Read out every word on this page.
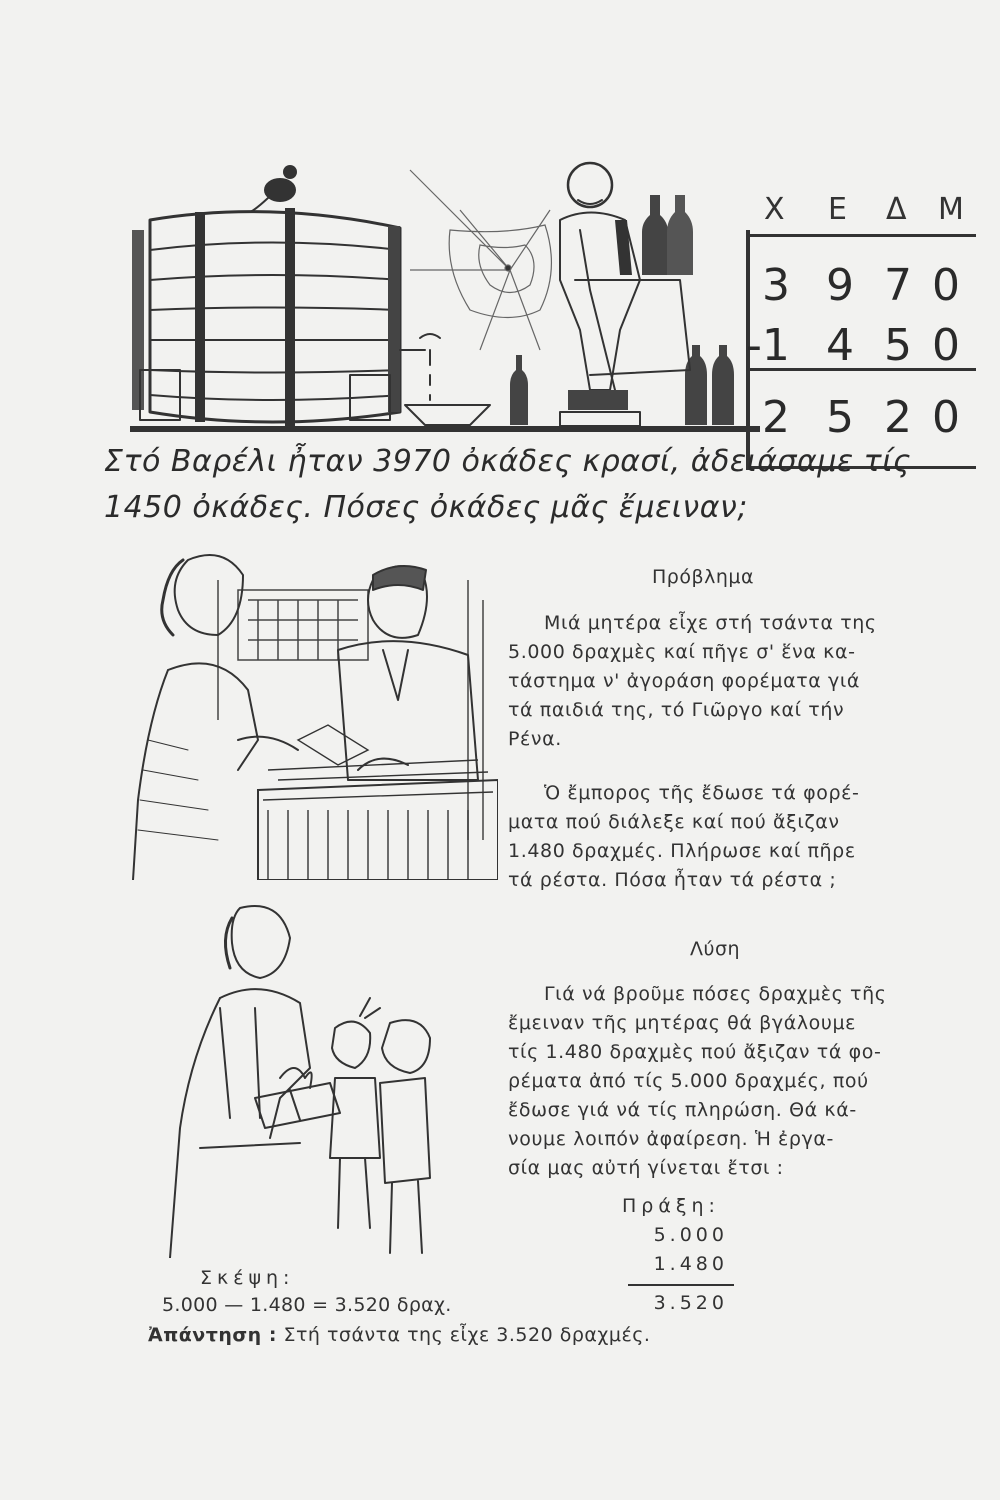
Χ Ε Δ Μ
3 9 7 0
-1 4 5 0
2 5 2 0
Στό Βαρέλι ἦταν 3970 ὀκάδες κρασί, ἀδειάσαμε τίς
1450 ὀκάδες. Πόσες ὀκάδες μᾶς ἔμειναν;
Πρόβλημα
Μιά μητέρα εἶχε στή τσάντα της
5.000 δραχμὲς καί πῆγε σ' ἕνα κα-
τάστημα ν' ἀγοράση φορέματα γιά
τά παιδιά της, τό Γιῶργο καί τήν
Ρένα.
Ὁ ἔμπορος τῆς ἔδωσε τά φορέ-
ματα πού διάλεξε καί πού ἄξιζαν
1.480 δραχμές. Πλήρωσε καί πῆρε
τά ρέστα. Πόσα ἦταν τά ρέστα ;
Λύση
Γιά νά βροῦμε πόσες δραχμὲς τῆς
ἔμειναν τῆς μητέρας θά βγάλουμε
τίς 1.480 δραχμὲς πού ἄξιζαν τά φο-
ρέματα ἀπό τίς 5.000 δραχμές, πού
ἔδωσε γιά νά τίς πληρώση. Θά κά-
νουμε λοιπόν ἀφαίρεση. Ἡ ἐργα-
σία μας αὐτή γίνεται ἔτσι :
Πράξη:
5.000
1.480
3.520
Σκέψη:
5.000 — 1.480 = 3.520 δραχ.
Ἀπάντηση : Στή τσάντα της εἶχε 3.520 δραχμές.
